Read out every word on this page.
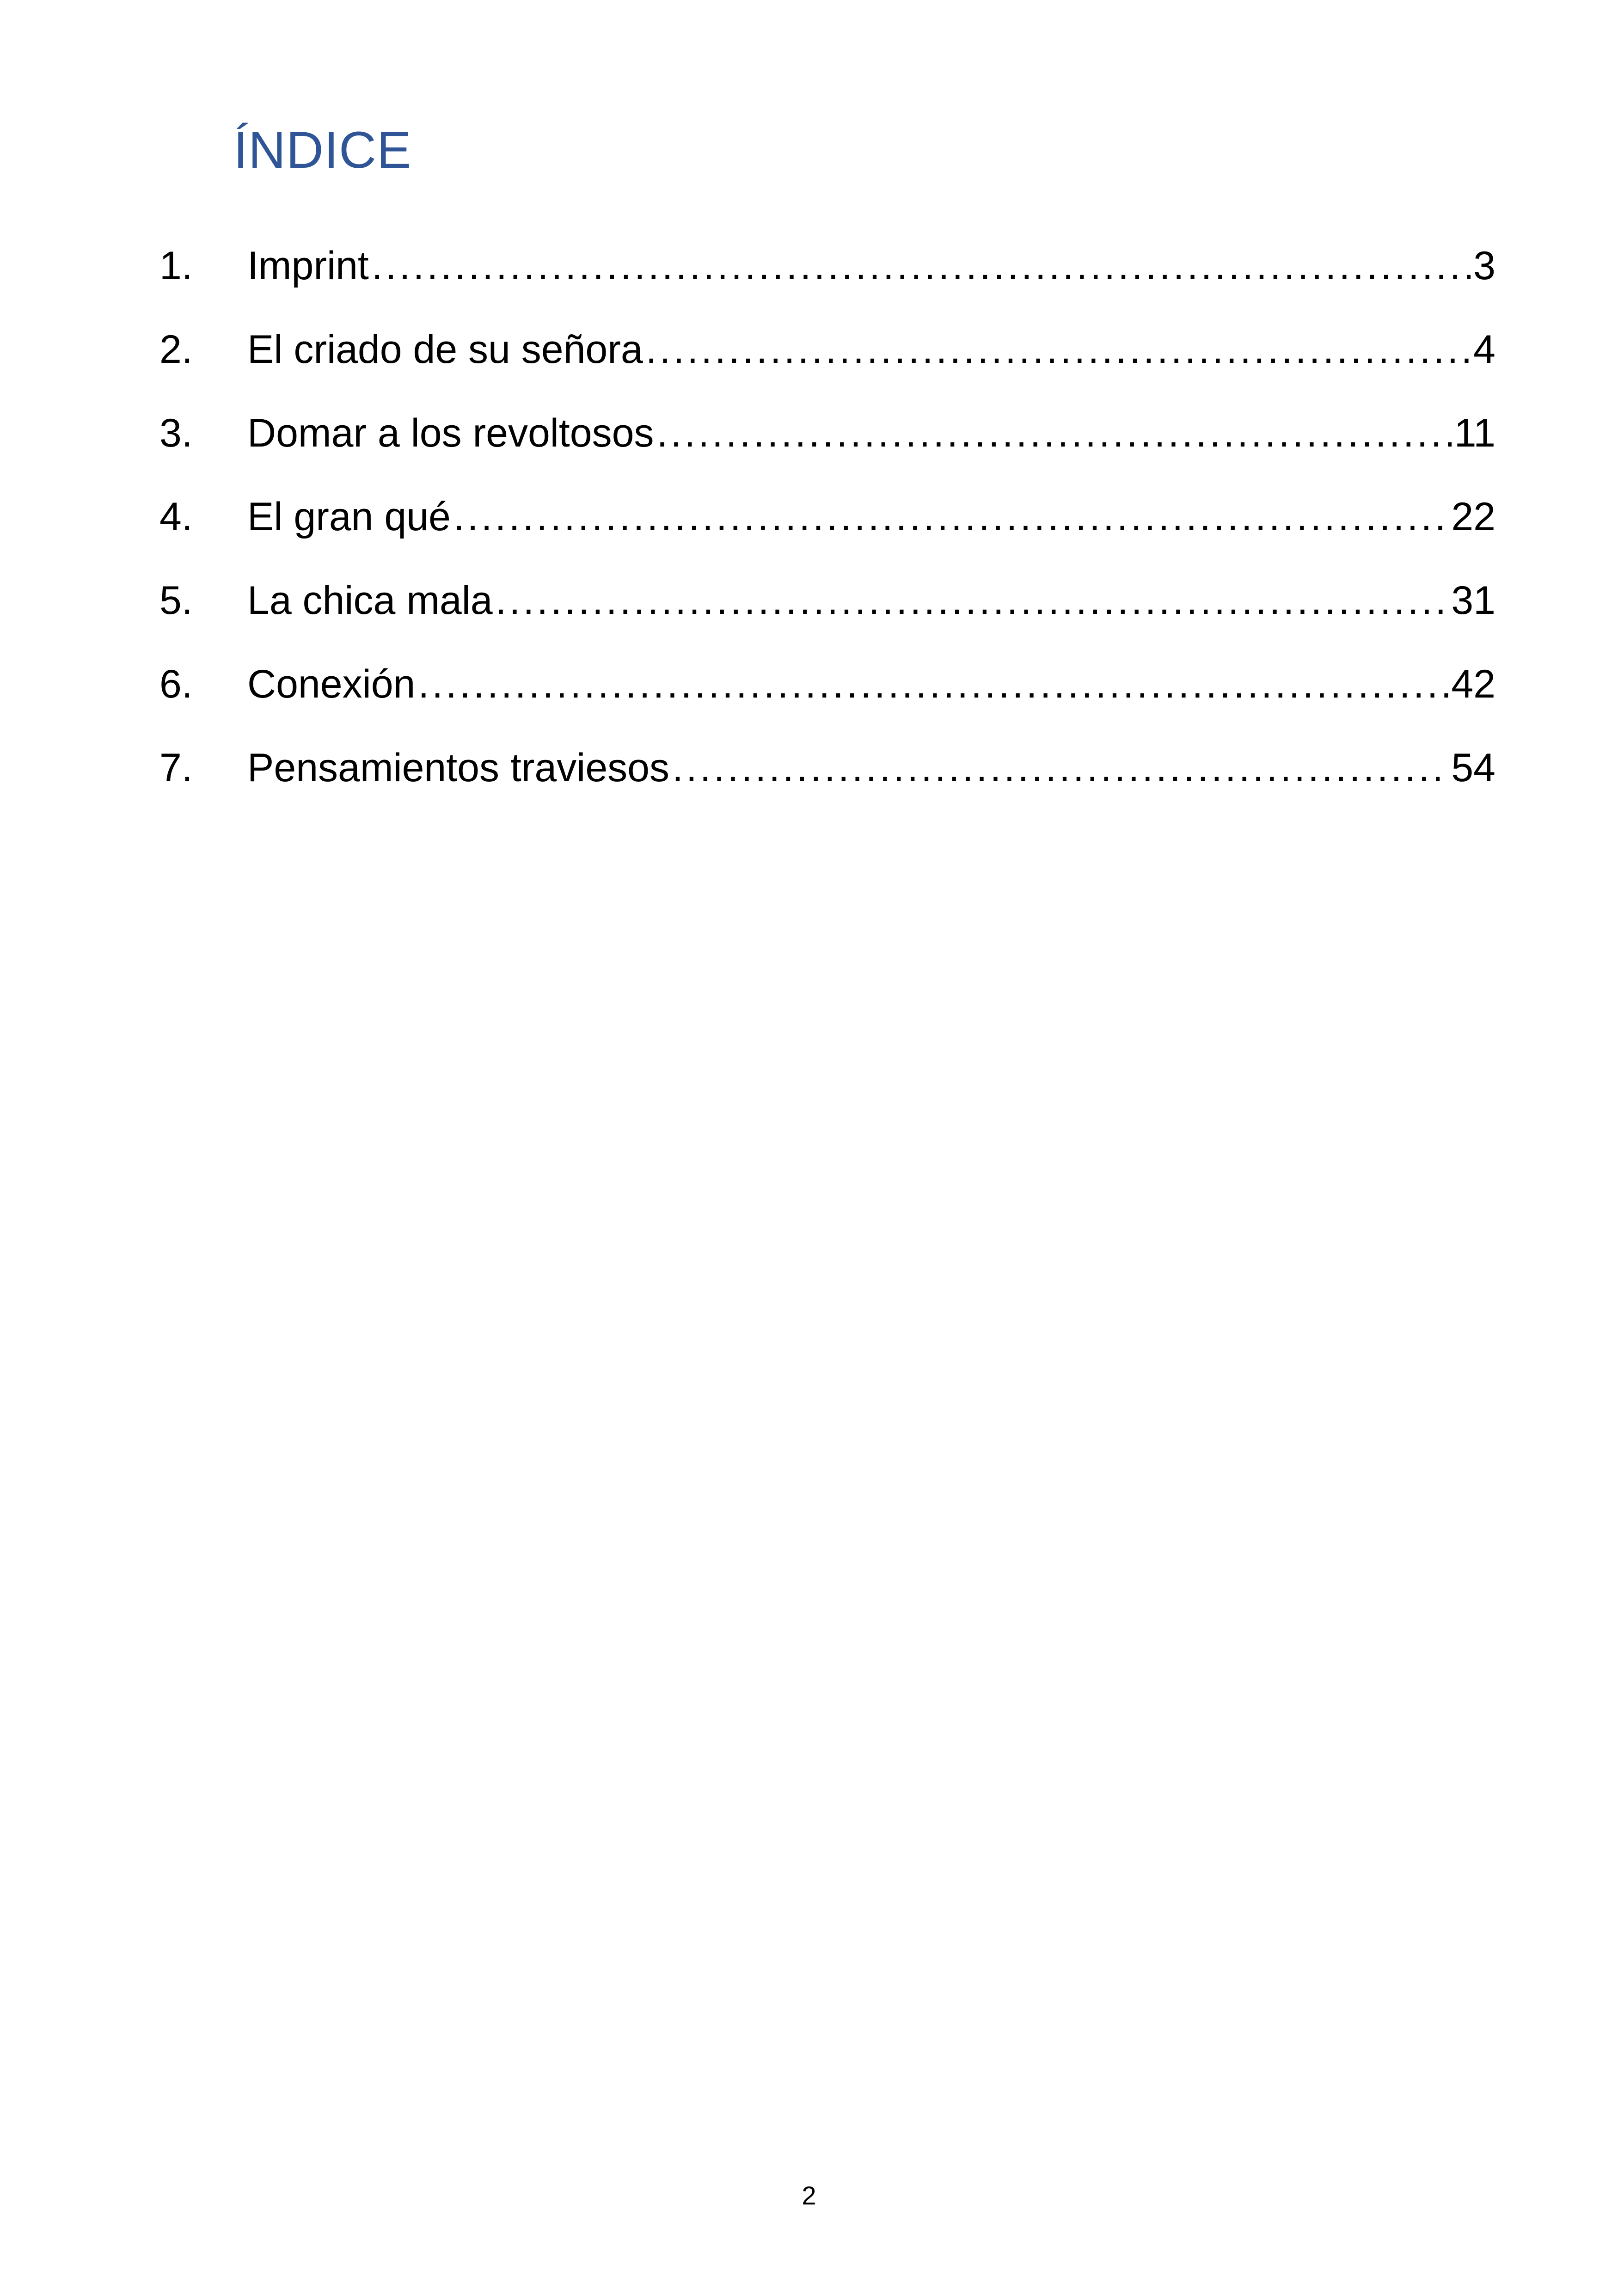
ÍNDICE
1.	Imprint .....	3
2.	El criado de su señora .....	4
3.	Domar a los revoltosos .....	11
4.	El gran qué .....	22
5.	La chica mala .....	31
6.	Conexión .....	42
7.	Pensamientos traviesos .....	54
2
